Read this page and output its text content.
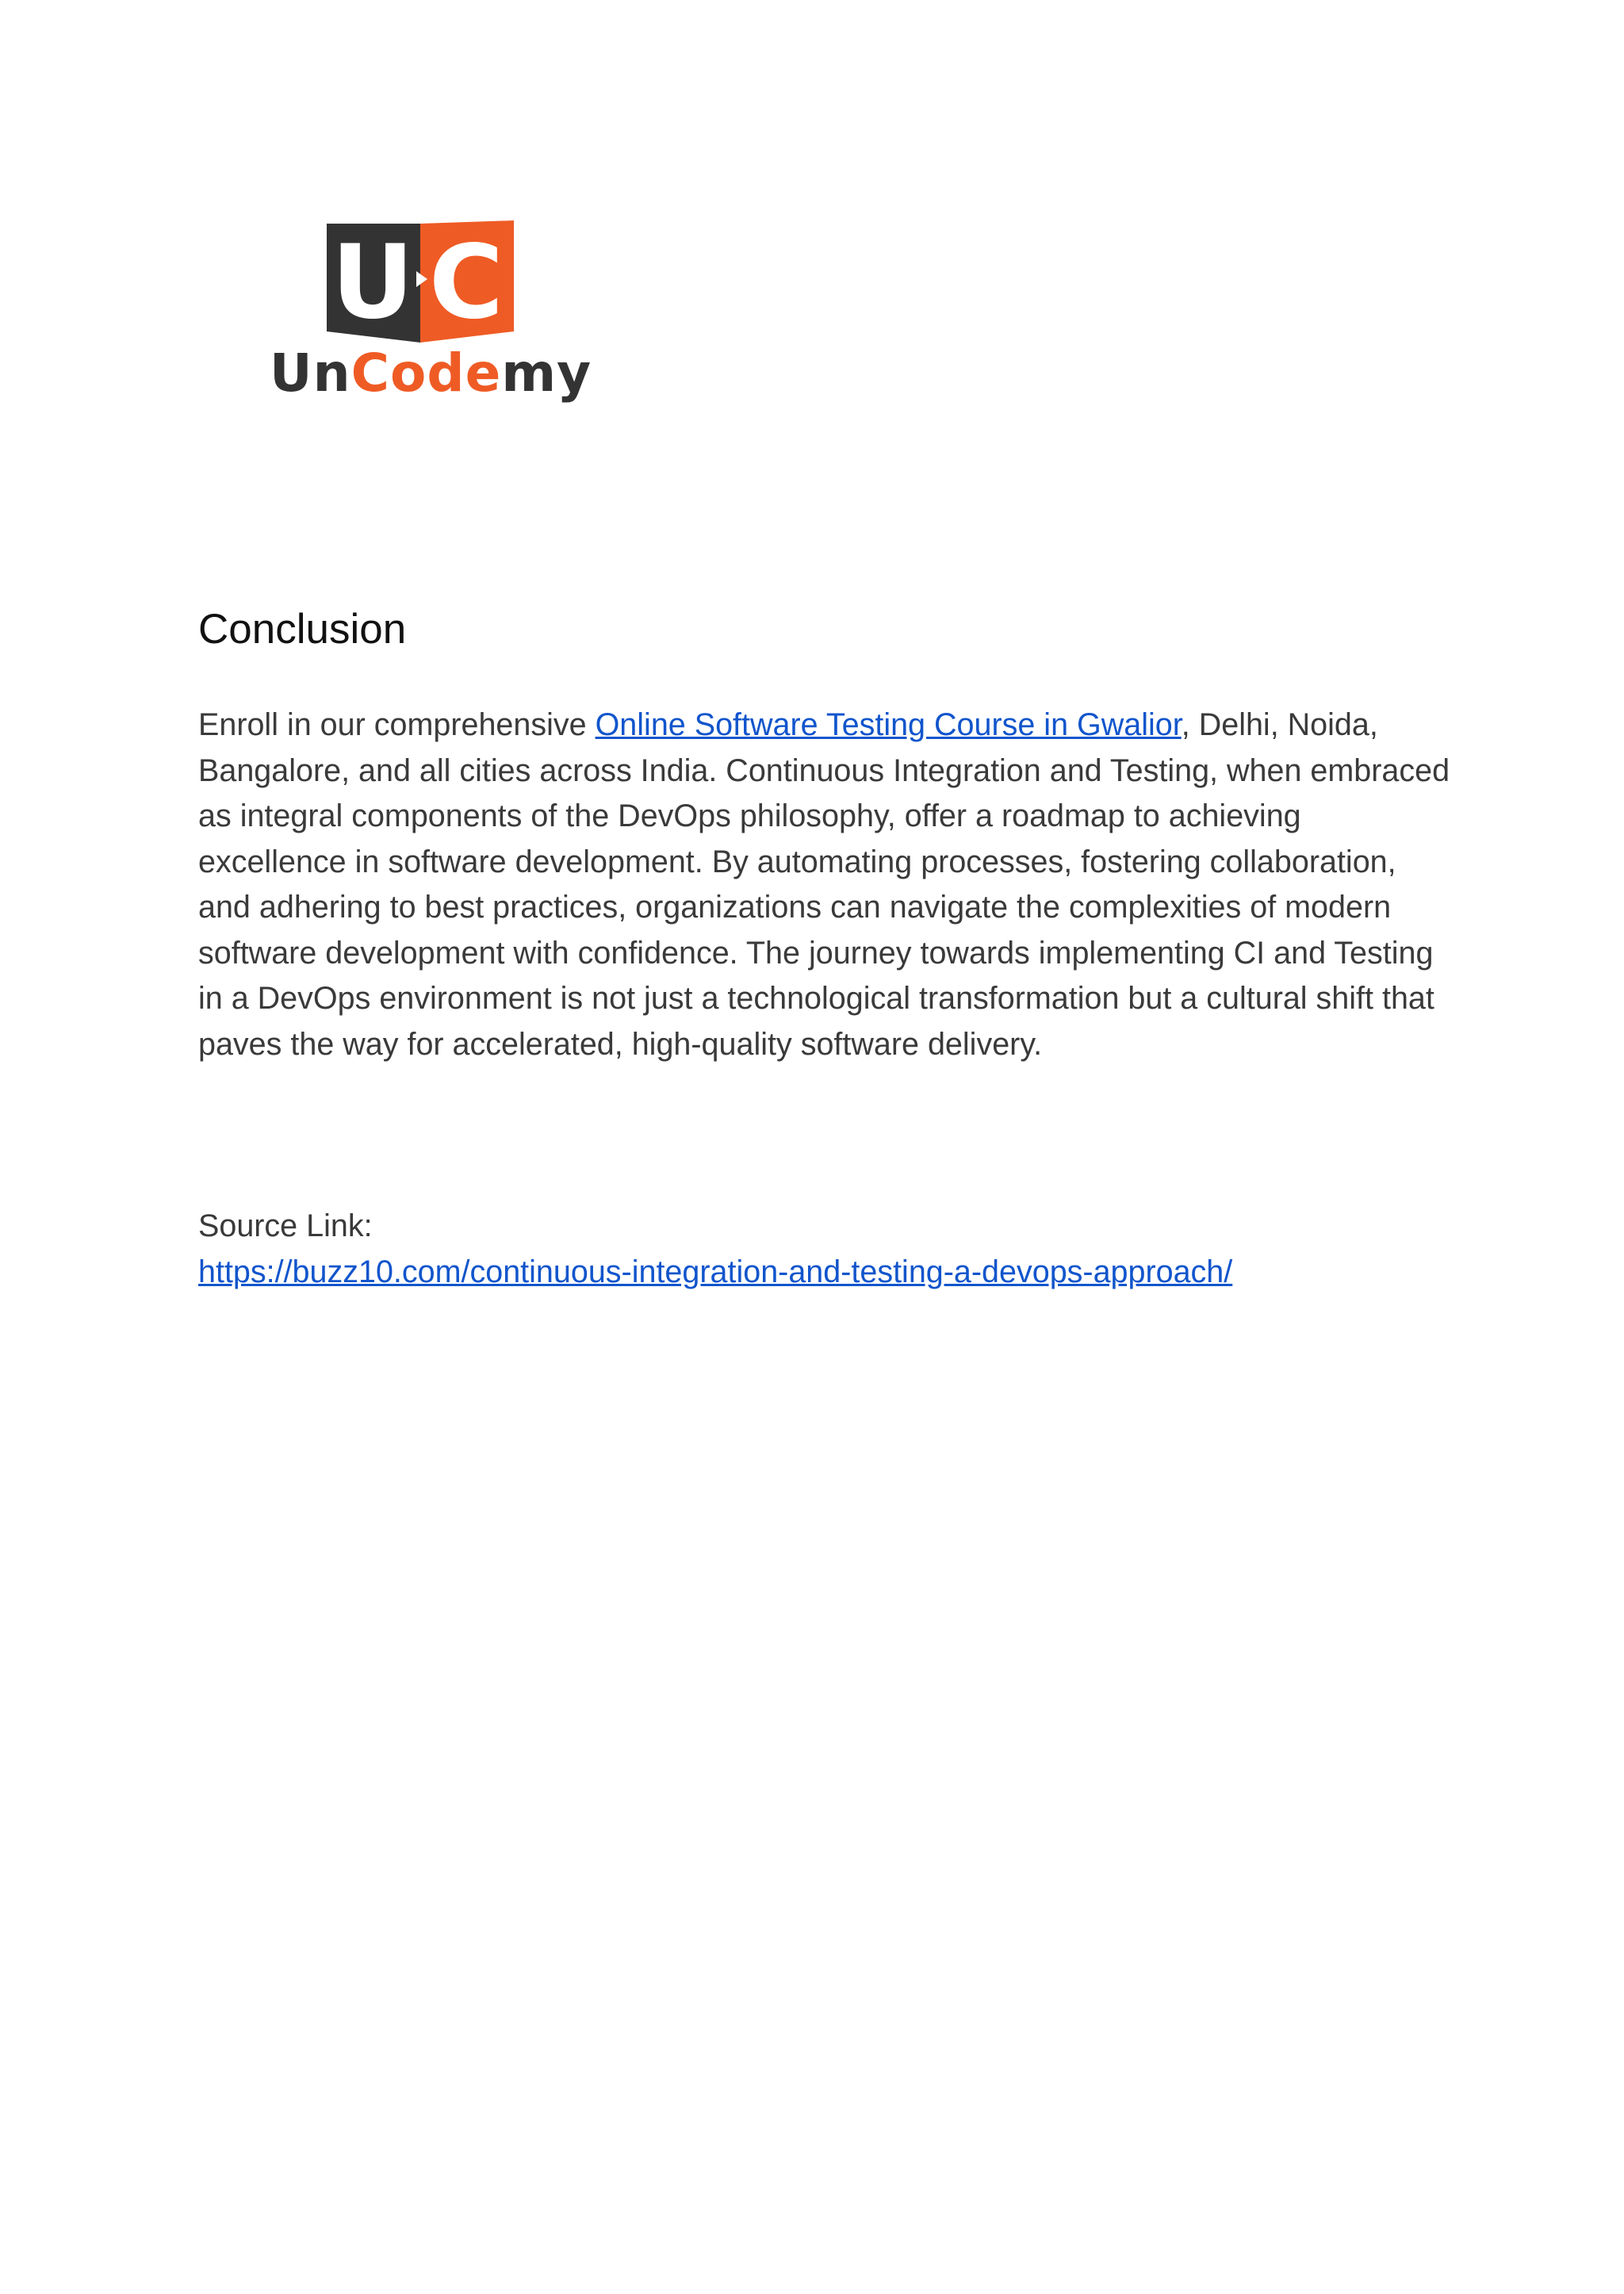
U C
UnCodemy
Conclusion

Enroll in our comprehensive Online Software Testing Course in Gwalior, Delhi, Noida, Bangalore, and all cities across India. Continuous Integration and Testing, when embraced as integral components of the DevOps philosophy, offer a roadmap to achieving excellence in software development. By automating processes, fostering collaboration, and adhering to best practices, organizations can navigate the complexities of modern software development with confidence. The journey towards implementing CI and Testing in a DevOps environment is not just a technological transformation but a cultural shift that paves the way for accelerated, high-quality software delivery.

Source Link:

https://buzz10.com/continuous-integration-and-testing-a-devops-approach/
